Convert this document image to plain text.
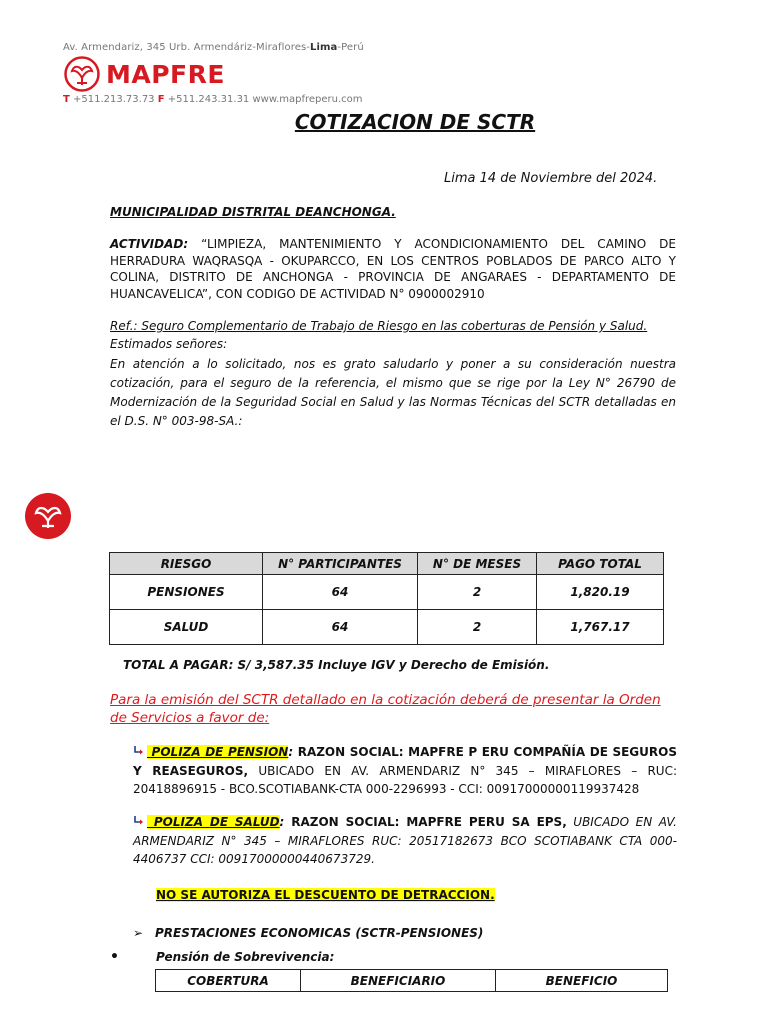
Av. Armendariz, 345 Urb. Armendáriz-Miraflores-Lima-Perú
MAPFRE
T +511.213.73.73 F +511.243.31.31 www.mapfreperu.com
COTIZACION DE SCTR
Lima 14 de Noviembre del 2024.
MUNICIPALIDAD DISTRITAL DEANCHONGA.
ACTIVIDAD: “LIMPIEZA, MANTENIMIENTO Y ACONDICIONAMIENTO DEL CAMINO DE HERRADURA WAQRASQA - OKUPARCCO, EN LOS CENTROS POBLADOS DE PARCO ALTO Y COLINA, DISTRITO DE ANCHONGA - PROVINCIA DE ANGARAES - DEPARTAMENTO DE HUANCAVELICA”, CON CODIGO DE ACTIVIDAD N° 0900002910
Ref.: Seguro Complementario de Trabajo de Riesgo en las coberturas de Pensión y Salud.
Estimados señores:
En atención a lo solicitado, nos es grato saludarlo y poner a su consideración nuestra cotización, para el seguro de la referencia, el mismo que se rige por la Ley N° 26790 de Modernización de la Seguridad Social en Salud y las Normas Técnicas del SCTR detalladas en el D.S. N° 003-98-SA.:
RIESGO	N° PARTICIPANTES	N° DE MESES	PAGO TOTAL
PENSIONES	64	2	1,820.19
SALUD	64	2	1,767.17
TOTAL A PAGAR: S/ 3,587.35 Incluye IGV y Derecho de Emisión.
Para la emisión del SCTR detallado en la cotización deberá de presentar la Orden de Servicios a favor de:
POLIZA DE PENSION: RAZON SOCIAL: MAPFRE P ERU COMPAÑÍA DE SEGUROS Y REASEGUROS, UBICADO EN AV. ARMENDARIZ N° 345 – MIRAFLORES – RUC: 20418896915 - BCO.SCOTIABANK-CTA 000-2296993 - CCI: 00917000000119937428
POLIZA DE SALUD: RAZON SOCIAL: MAPFRE PERU SA EPS, UBICADO EN AV. ARMENDARIZ N° 345 – MIRAFLORES RUC: 20517182673 BCO SCOTIABANK CTA 000-4406737 CCI: 00917000000440673729.
NO SE AUTORIZA EL DESCUENTO DE DETRACCION.
➢ PRESTACIONES ECONOMICAS (SCTR-PENSIONES)
•	Pensión de Sobrevivencia:
COBERTURA	BENEFICIARIO	BENEFICIO
